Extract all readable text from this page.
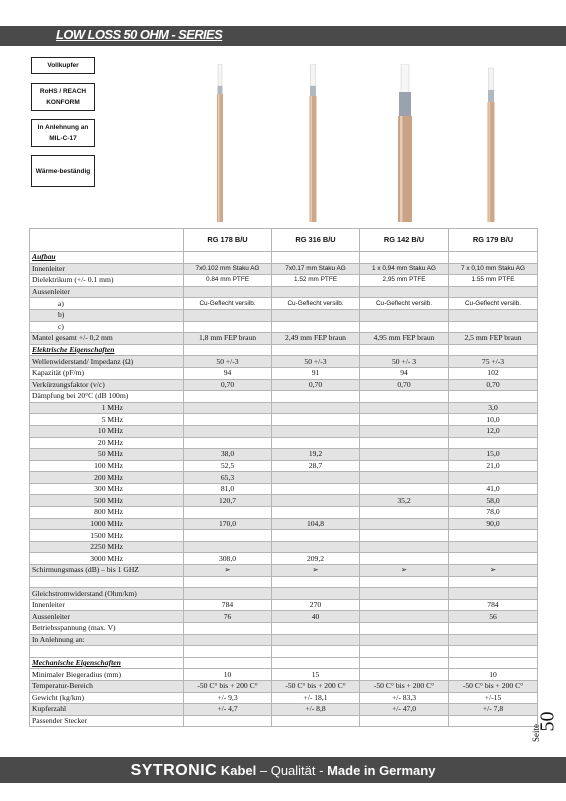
LOW LOSS 50 OHM - SERIES
Vollkupfer
RoHS / REACH KONFORM
In Anlehnung an MIL-C-17
Wärme-beständig
	RG 178 B/U	RG 316 B/U	RG 142 B/U	RG 179 B/U
Aufbau				
Innenleiter	7x0.102 mm Staku AG	7x0.17 mm Staku AG	1 x 0,94 mm Staku AG	7 x 0,10 mm Staku AG
Dielektrikum (+/- 0.1 mm)	0.84 mm PTFE	1.52 mm PTFE	2,95 mm PTFE	1.55 mm PTFE
Aussenleiter				
a)	Cu-Geflecht versilb.	Cu-Geflecht versilb.	Cu-Geflecht versilb.	Cu-Geflecht versilb.
b)				
c)				
Mantel gesamt +/- 0,2 mm	1,8 mm FEP braun	2,49 mm FEP braun	4,95 mm FEP braun	2,5 mm FEP braun
Elektrische Eigenschaften				
Wellenwiderstand/ Impedanz (Ω)	50 +/-3	50 +/-3	50 +/- 3	75 +/-3
Kapazität (pF/m)	94	91	94	102
Verkürzungsfaktor (v/c)	0,70	0,70	0,70	0,70
Dämpfung bei 20°C (dB 100m)				
1 MHz				3,0
5 MHz				10,0
10 MHz				12,0
20 MHz				
50 MHz	38,0	19,2		15,0
100 MHz	52,5	28,7		21,0
200 MHz	65,3			
300 MHz	81,0			41,0
500 MHz	120,7		35,2	58,0
800 MHz				78,0
1000 MHz	170,0	104,8		90,0
1500 MHz				
2250 MHz				
3000 MHz	308,0	209,2		
Schirmungsmass (dB) – bis 1 GHZ	➢	➢	➢	➢

Gleichstromwiderstand (Ohm/km)				
Innenleiter	784	270		784
Aussenleiter	76	40		56
Betriebsspannung (max. V)				
In Anlehnung an:				

Mechanische Eigenschaften				
Minimaler Biegeradius (mm)	10	15		10
Temperatur-Bereich	-50 C° bis + 200 C°	-50 C° bis + 200 C°	-50 C° bis + 200 C°	-50 C° bis + 200 C°
Gewicht (kg/km)	+/- 9,3	+/- 18,1	+/- 83,3	+/-15
Kupferzahl	+/- 4,7	+/- 8,8	+/- 47,0	+/- 7,8
Passender Stecker				
Seite
50
SYTRONIC Kabel – Qualität - Made in Germany
